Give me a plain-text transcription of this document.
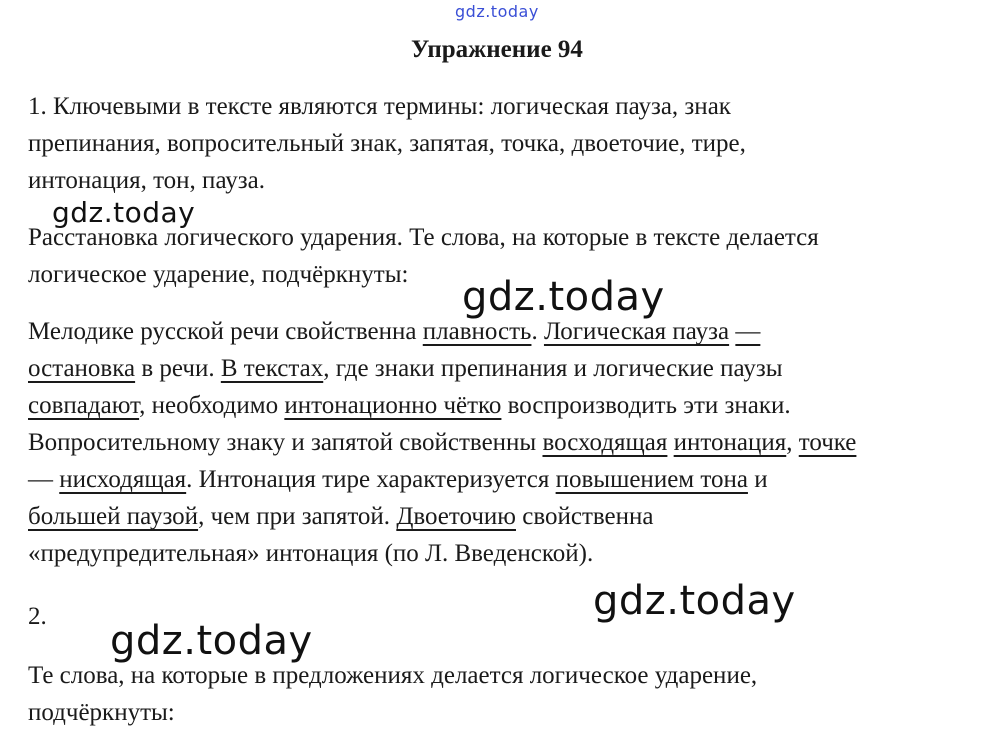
gdz.today
Упражнение 94
1. Ключевыми в тексте являются термины: логическая пауза, знак
препинания, вопросительный знак, запятая, точка, двоеточие, тире,
интонация, тон, пауза.
gdz.today
Расстановка логического ударения. Те слова, на которые в тексте делается
логическое ударение, подчёркнуты: gdz.today
Мелодике русской речи свойственна плавность. Логическая пауза —
остановка в речи. В текстах, где знаки препинания и логические паузы
совпадают, необходимо интонационно чётко воспроизводить эти знаки.
Вопросительному знаку и запятой свойственны восходящая интонация, точке
— нисходящая. Интонация тире характеризуется повышением тона и
большей паузой, чем при запятой. Двоеточию свойственна
«предупредительная» интонация (по Л. Введенской).
gdz.today
2.
gdz.today
Те слова, на которые в предложениях делается логическое ударение,
подчёркнуты:
